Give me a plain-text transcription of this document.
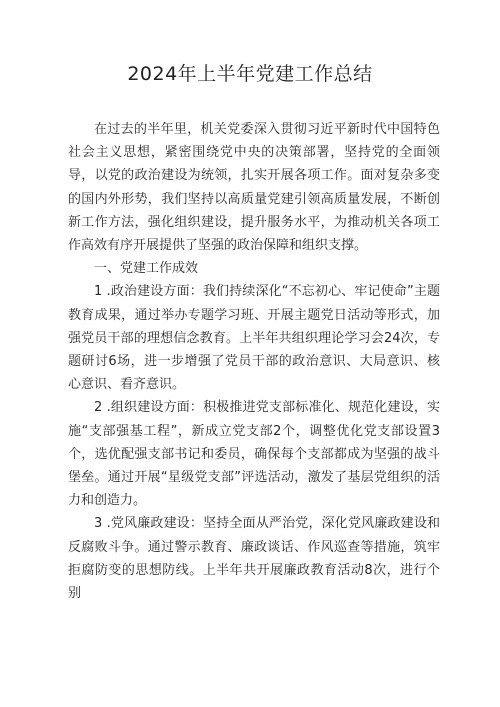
2024年上半年党建工作总结

在过去的半年里，机关党委深入贯彻习近平新时代中国特色社会主义思想，紧密围绕党中央的决策部署，坚持党的全面领导，以党的政治建设为统领，扎实开展各项工作。面对复杂多变的国内外形势，我们坚持以高质量党建引领高质量发展，不断创新工作方法，强化组织建设，提升服务水平，为推动机关各项工作高效有序开展提供了坚强的政治保障和组织支撑。

一、党建工作成效

1 .政治建设方面：我们持续深化“不忘初心、牢记使命”主题教育成果，通过举办专题学习班、开展主题党日活动等形式，加强党员干部的理想信念教育。上半年共组织理论学习会24次，专题研讨6场，进一步增强了党员干部的政治意识、大局意识、核心意识、看齐意识。

2 .组织建设方面：积极推进党支部标准化、规范化建设，实施“支部强基工程”，新成立党支部2个，调整优化党支部设置3个，选优配强支部书记和委员，确保每个支部都成为坚强的战斗堡垒。通过开展“星级党支部”评选活动，激发了基层党组织的活力和创造力。

3 .党风廉政建设：坚持全面从严治党，深化党风廉政建设和反腐败斗争。通过警示教育、廉政谈话、作风巡查等措施，筑牢拒腐防变的思想防线。上半年共开展廉政教育活动8次，进行个别
